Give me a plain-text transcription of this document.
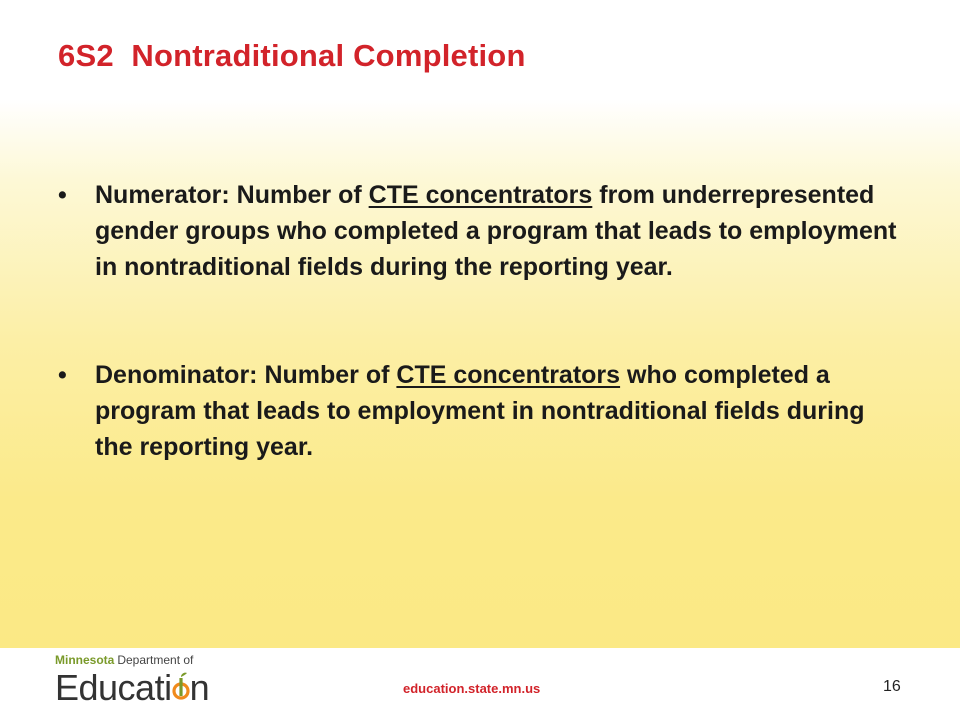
6S2  Nontraditional Completion
•	Numerator: Number of CTE concentrators from underrepresented gender groups who completed a program that leads to employment in nontraditional fields during the reporting year.
•	Denominator: Number of CTE concentrators who completed a program that leads to employment in nontraditional fields during the reporting year.
Minnesota Department of
Educati n	education.state.mn.us	16
